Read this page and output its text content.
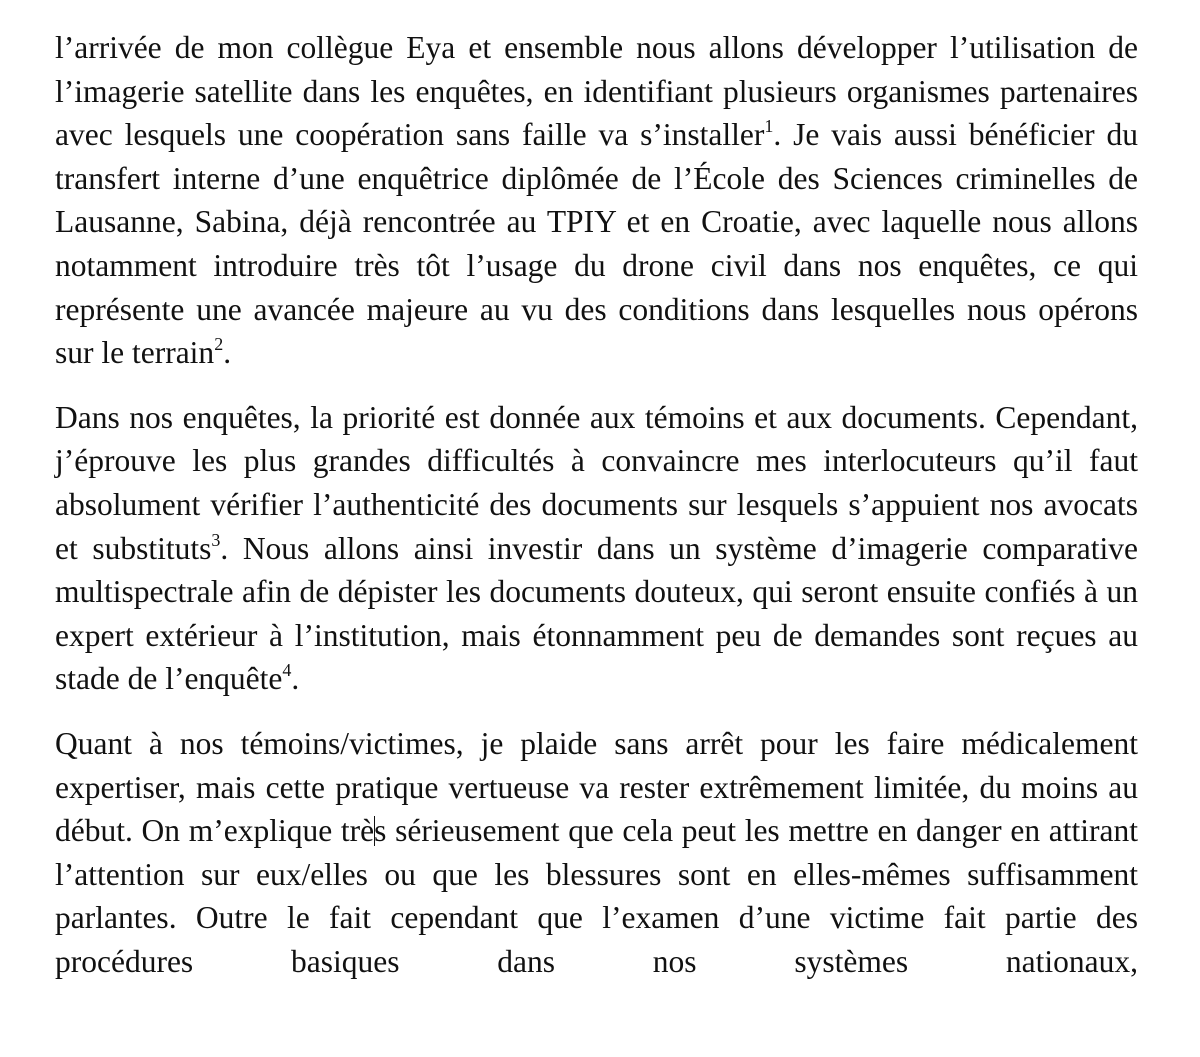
l’arrivée de mon collègue Eya et ensemble nous allons développer l’utilisation de l’imagerie satellite dans les enquêtes, en identifiant plusieurs organismes partenaires avec lesquels une coopération sans faille va s’installer$^1$. Je vais aussi bénéficier du transfert interne d’une enquêtrice diplômée de l’École des Sciences criminelles de Lausanne, Sabina, déjà rencontrée au TPIY et en Croatie, avec laquelle nous allons notamment introduire très tôt l’usage du drone civil dans nos enquêtes, ce qui représente une avancée majeure au vu des conditions dans lesquelles nous opérons sur le terrain$^2$.

Dans nos enquêtes, la priorité est donnée aux témoins et aux documents. Cependant, j’éprouve les plus grandes difficultés à convaincre mes interlocuteurs qu’il faut absolument vérifier l’authenticité des documents sur lesquels s’appuient nos avocats et substituts$^3$. Nous allons ainsi investir dans un système d’imagerie comparative multispectrale afin de dépister les documents douteux, qui seront ensuite confiés à un expert extérieur à l’institution, mais étonnamment peu de demandes sont reçues au stade de l’enquête$^4$.

Quant à nos témoins/victimes, je plaide sans arrêt pour les faire médicalement expertiser, mais cette pratique vertueuse va rester extrêmement limitée, du moins au début. On m’explique très sérieusement que cela peut les mettre en danger en attirant l’attention sur eux/elles ou que les blessures sont en elles-mêmes suffisamment parlantes. Outre le fait cependant que l’examen d’une victime fait partie des procédures basiques dans nos systèmes nationaux,
